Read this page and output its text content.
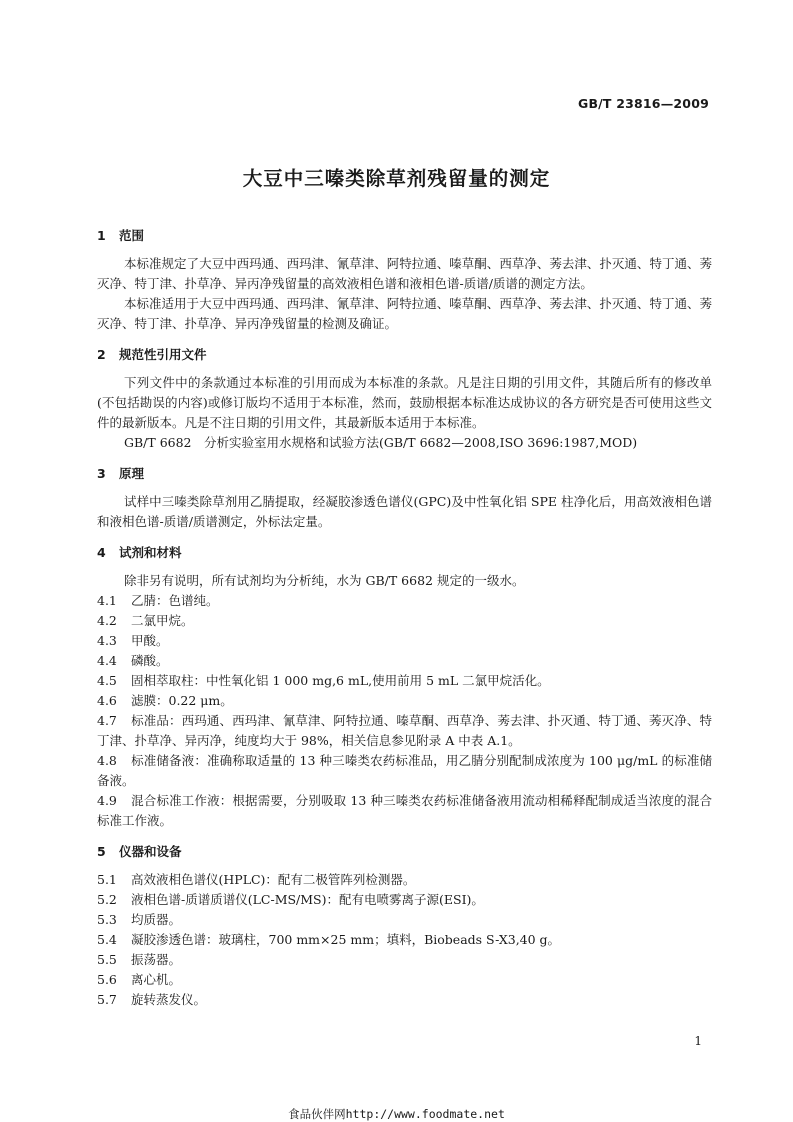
GB/T 23816—2009
大豆中三嗪类除草剂残留量的测定
1	范围

本标准规定了大豆中西玛通、西玛津、氰草津、阿特拉通、嗪草酮、西草净、莠去津、扑灭通、特丁通、莠灭净、特丁津、扑草净、异丙净残留量的高效液相色谱和液相色谱-质谱/质谱的测定方法。

本标准适用于大豆中西玛通、西玛津、氰草津、阿特拉通、嗪草酮、西草净、莠去津、扑灭通、特丁通、莠灭净、特丁津、扑草净、异丙净残留量的检测及确证。

2	规范性引用文件

下列文件中的条款通过本标准的引用而成为本标准的条款。凡是注日期的引用文件，其随后所有的修改单(不包括勘误的内容)或修订版均不适用于本标准，然而，鼓励根据本标准达成协议的各方研究是否可使用这些文件的最新版本。凡是不注日期的引用文件，其最新版本适用于本标准。

GB/T 6682　分析实验室用水规格和试验方法(GB/T 6682—2008,ISO 3696:1987,MOD)

3	原理

试样中三嗪类除草剂用乙腈提取，经凝胶渗透色谱仪(GPC)及中性氧化铝 SPE 柱净化后，用高效液相色谱和液相色谱-质谱/质谱测定，外标法定量。

4	试剂和材料

除非另有说明，所有试剂均为分析纯，水为 GB/T 6682 规定的一级水。

4.1	乙腈：色谱纯。
4.2	二氯甲烷。
4.3	甲酸。
4.4	磷酸。
4.5	固相萃取柱：中性氧化铝 1 000 mg,6 mL,使用前用 5 mL 二氯甲烷活化。
4.6	滤膜：0.22 μm。

4.7 标准品：西玛通、西玛津、氰草津、阿特拉通、嗪草酮、西草净、莠去津、扑灭通、特丁通、莠灭净、特丁津、扑草净、异丙净，纯度均大于 98%，相关信息参见附录 A 中表 A.1。

4.8 标准储备液：准确称取适量的 13 种三嗪类农药标准品，用乙腈分别配制成浓度为 100 μg/mL 的标准储备液。

4.9 混合标准工作液：根据需要，分别吸取 13 种三嗪类农药标准储备液用流动相稀释配制成适当浓度的混合标准工作液。

5	仪器和设备
5.1	高效液相色谱仪(HPLC)：配有二极管阵列检测器。
5.2	液相色谱-质谱质谱仪(LC-MS/MS)：配有电喷雾离子源(ESI)。
5.3	均质器。
5.4	凝胶渗透色谱：玻璃柱，700 mm×25 mm；填料，Biobeads S-X3,40 g。
5.5	振荡器。
5.6	离心机。
5.7	旋转蒸发仪。
1
食品伙伴网http://www.foodmate.net
